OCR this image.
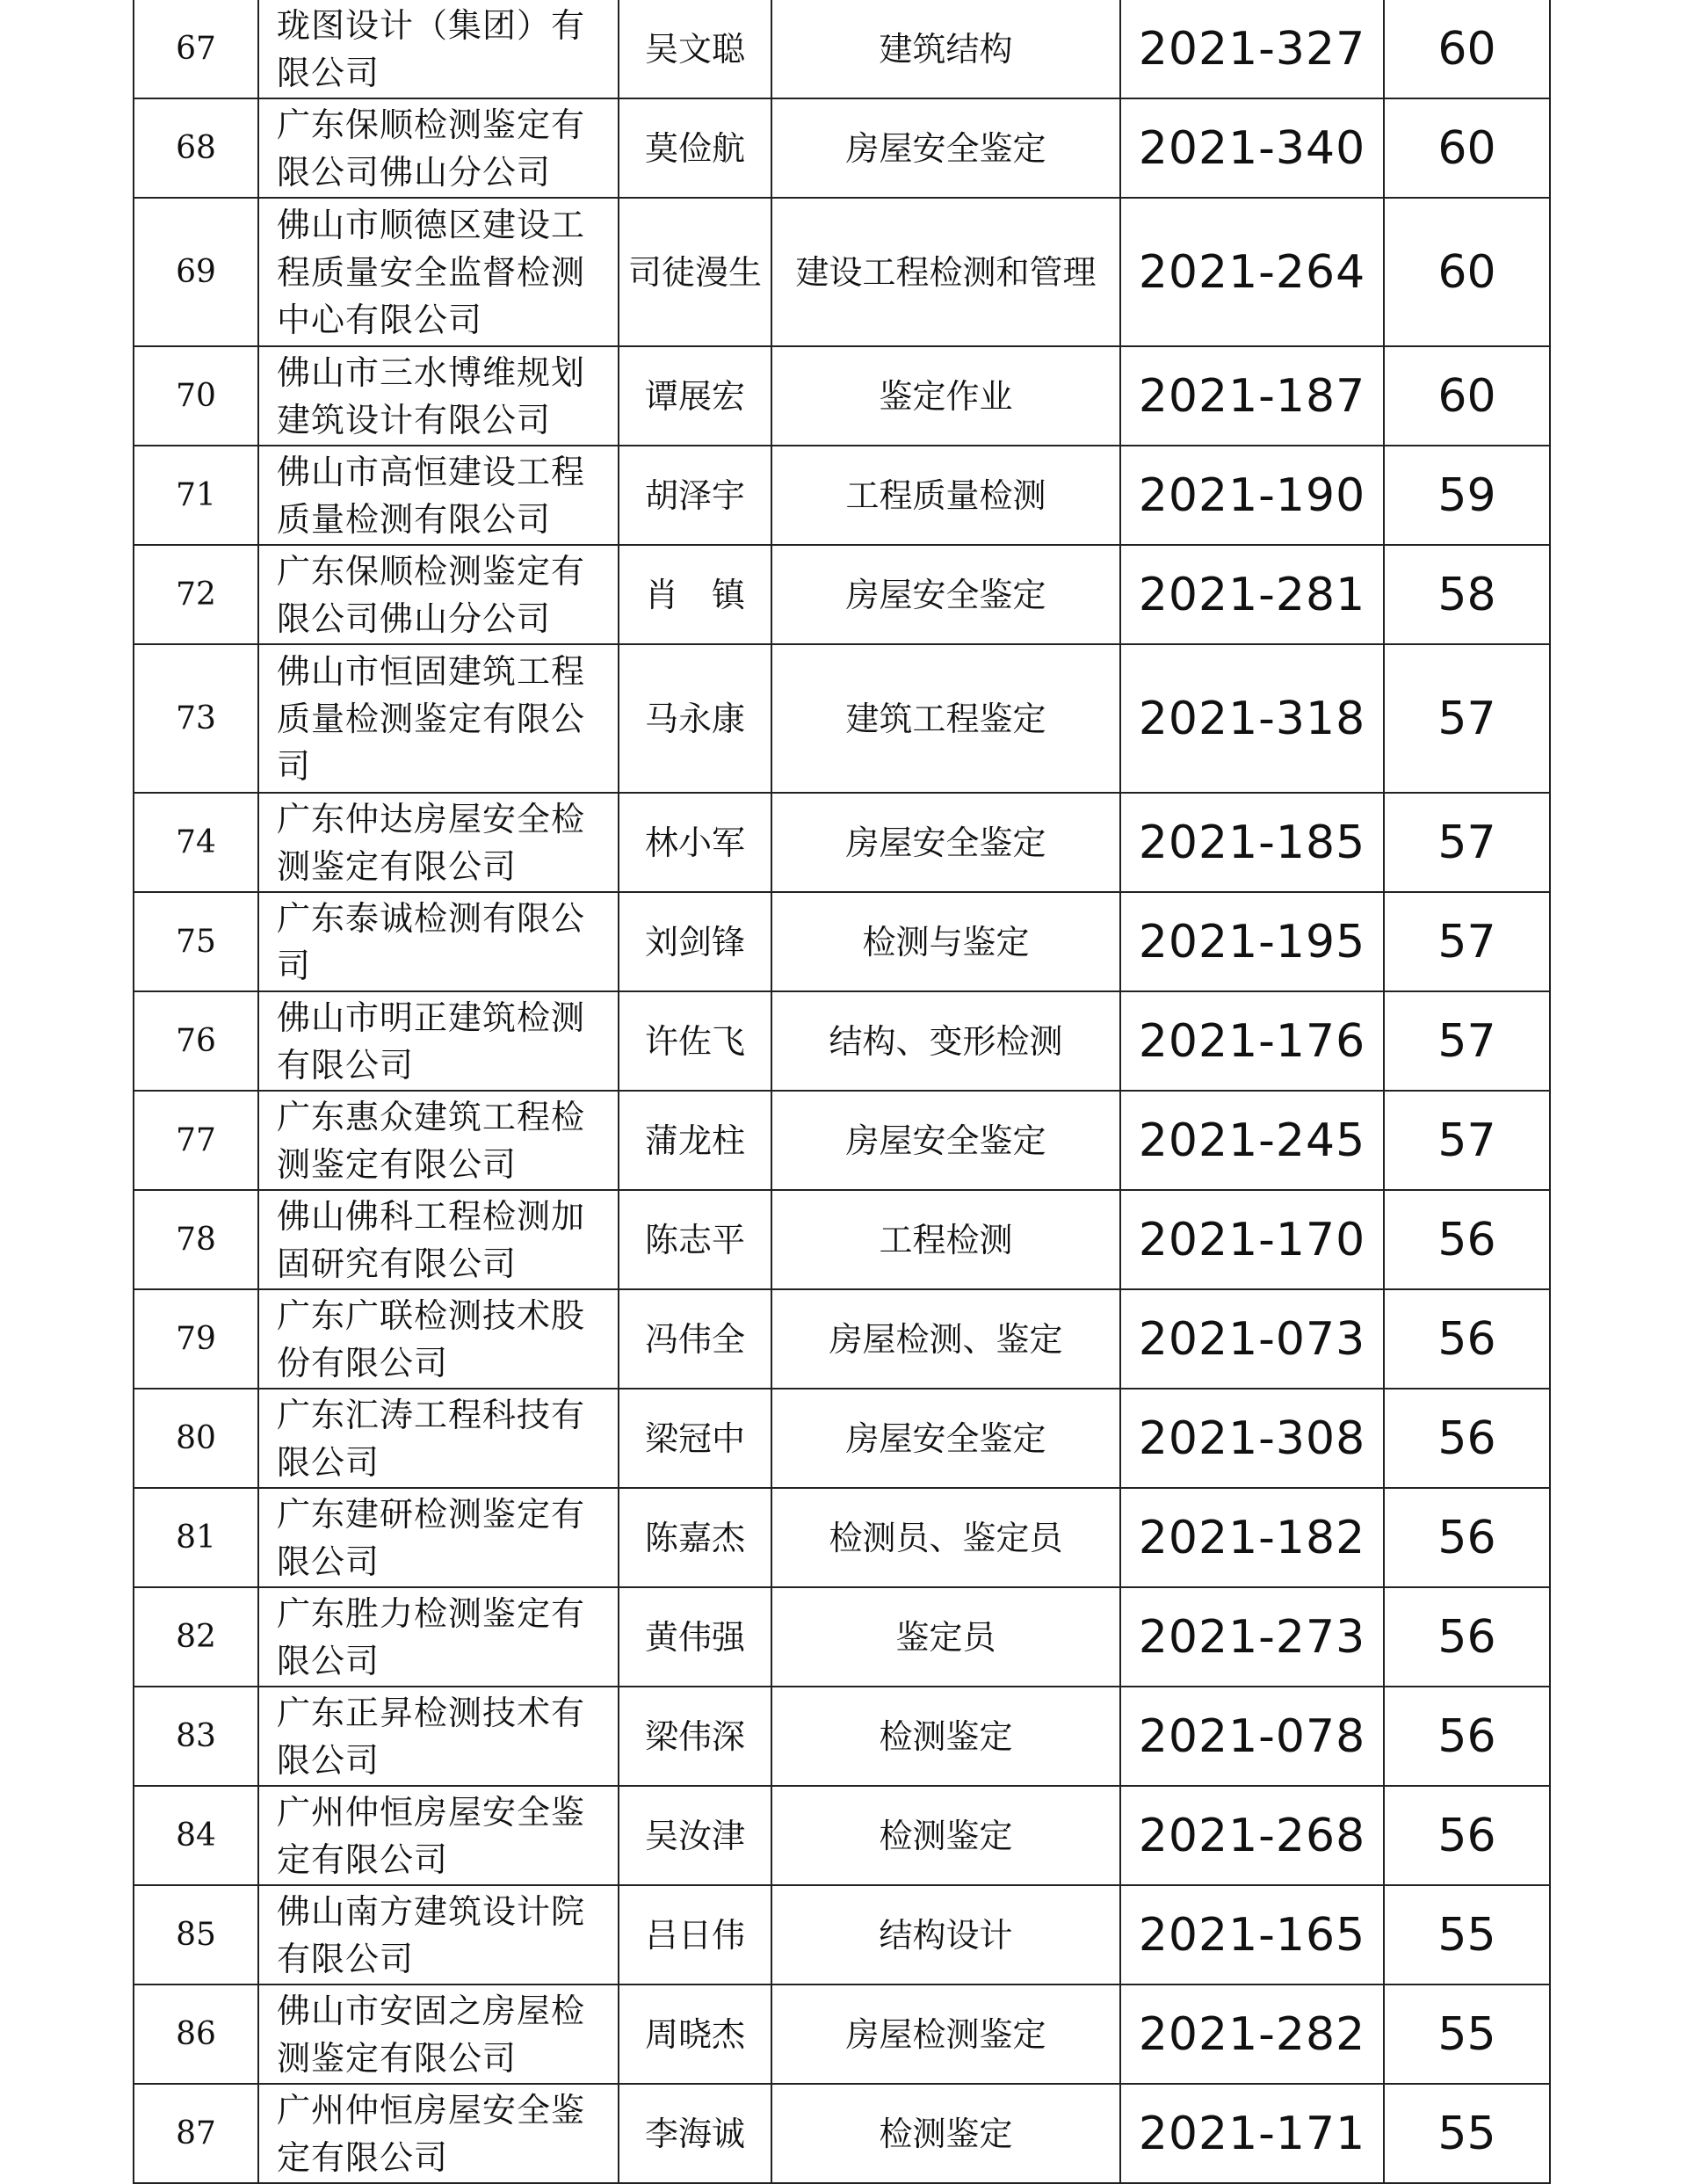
67	珑图设计（集团）有限公司	吴文聪	建筑结构	2021-327	60
68	广东保顺检测鉴定有限公司佛山分公司	莫俭航	房屋安全鉴定	2021-340	60
69	佛山市顺德区建设工程质量安全监督检测中心有限公司	司徒漫生	建设工程检测和管理	2021-264	60
70	佛山市三水博维规划建筑设计有限公司	谭展宏	鉴定作业	2021-187	60
71	佛山市高恒建设工程质量检测有限公司	胡泽宇	工程质量检测	2021-190	59
72	广东保顺检测鉴定有限公司佛山分公司	肖　镇	房屋安全鉴定	2021-281	58
73	佛山市恒固建筑工程质量检测鉴定有限公司	马永康	建筑工程鉴定	2021-318	57
74	广东仲达房屋安全检测鉴定有限公司	林小军	房屋安全鉴定	2021-185	57
75	广东泰诚检测有限公司	刘剑锋	检测与鉴定	2021-195	57
76	佛山市明正建筑检测有限公司	许佐飞	结构、变形检测	2021-176	57
77	广东惠众建筑工程检测鉴定有限公司	蒲龙柱	房屋安全鉴定	2021-245	57
78	佛山佛科工程检测加固研究有限公司	陈志平	工程检测	2021-170	56
79	广东广联检测技术股份有限公司	冯伟全	房屋检测、鉴定	2021-073	56
80	广东汇涛工程科技有限公司	梁冠中	房屋安全鉴定	2021-308	56
81	广东建研检测鉴定有限公司	陈嘉杰	检测员、鉴定员	2021-182	56
82	广东胜力检测鉴定有限公司	黄伟强	鉴定员	2021-273	56
83	广东正昇检测技术有限公司	梁伟深	检测鉴定	2021-078	56
84	广州仲恒房屋安全鉴定有限公司	吴汝津	检测鉴定	2021-268	56
85	佛山南方建筑设计院有限公司	吕日伟	结构设计	2021-165	55
86	佛山市安固之房屋检测鉴定有限公司	周晓杰	房屋检测鉴定	2021-282	55
87	广州仲恒房屋安全鉴定有限公司	李海诚	检测鉴定	2021-171	55
